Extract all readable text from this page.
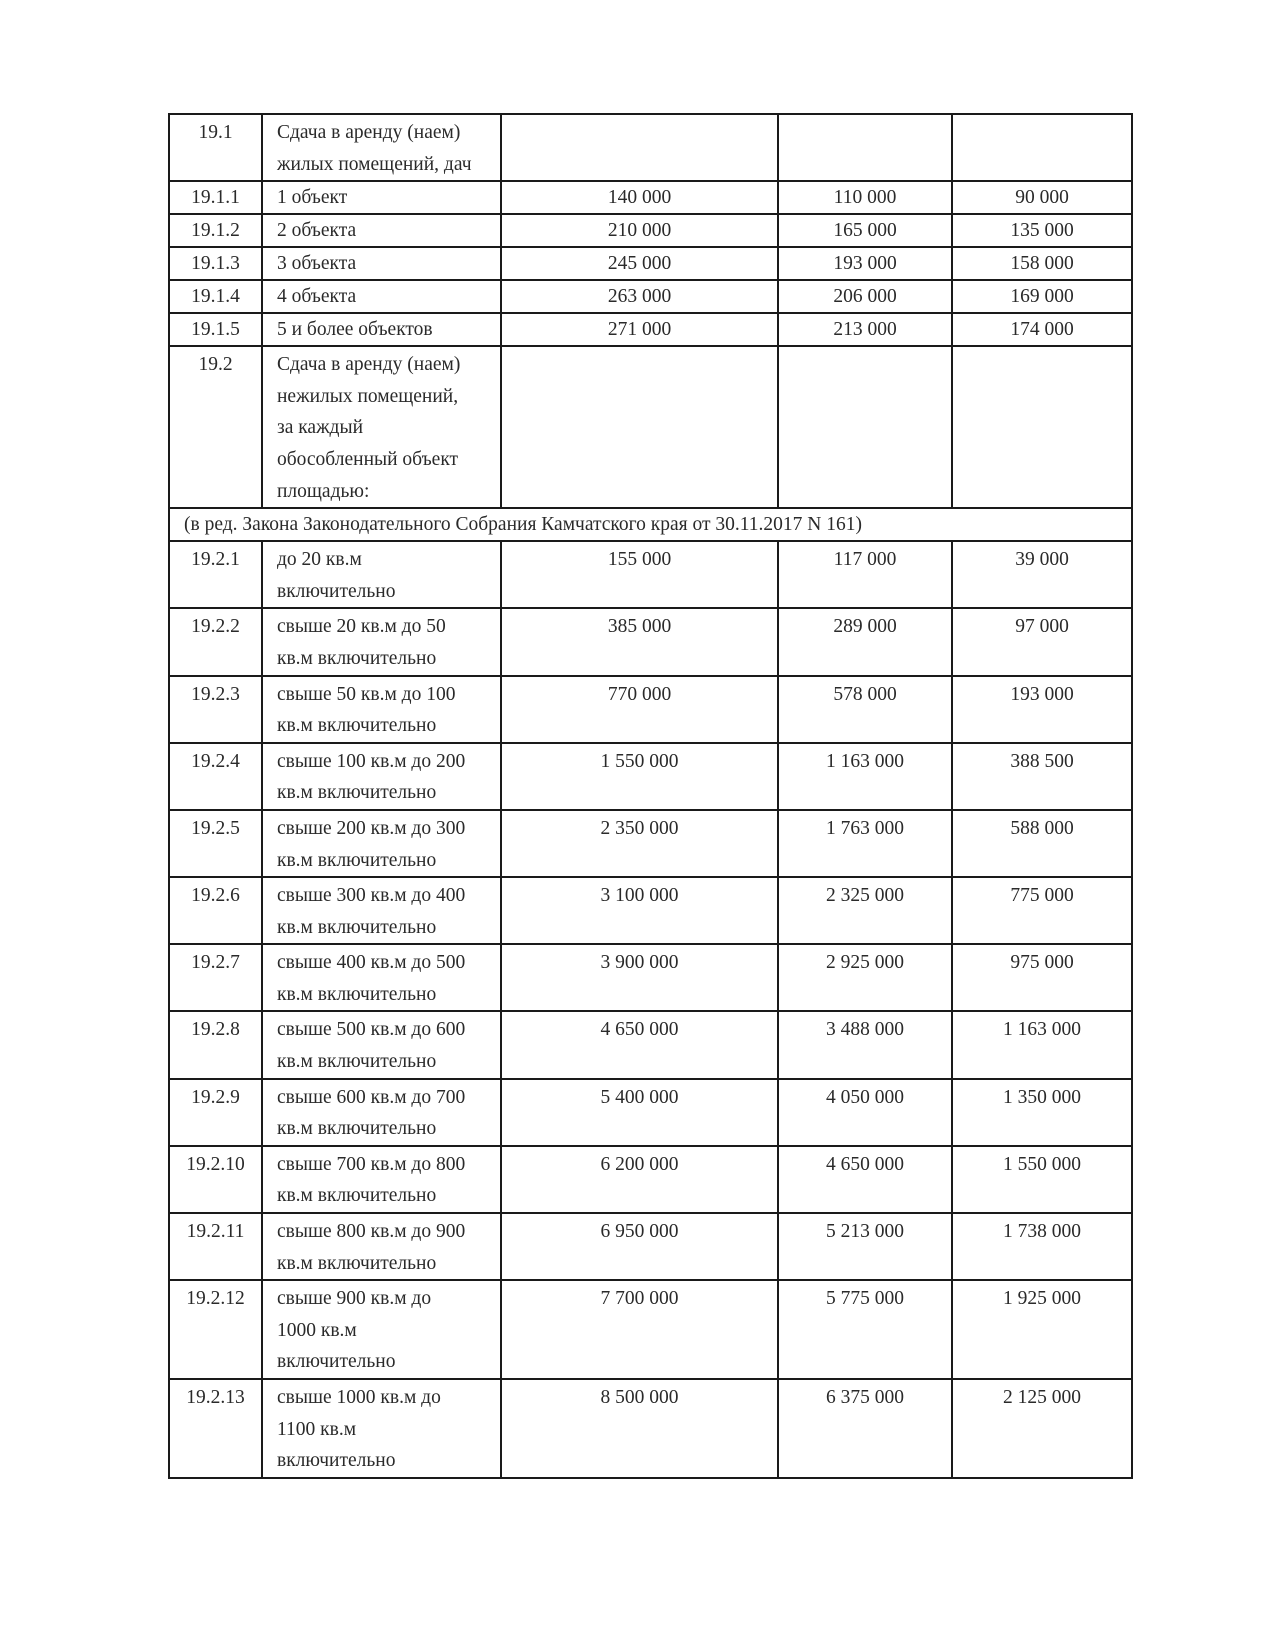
19.1	Сдача в аренду (наем)
жилых помещений, дач			
19.1.1	1 объект	140 000	110 000	90 000
19.1.2	2 объекта	210 000	165 000	135 000
19.1.3	3 объекта	245 000	193 000	158 000
19.1.4	4 объекта	263 000	206 000	169 000
19.1.5	5 и более объектов	271 000	213 000	174 000
19.2	Сдача в аренду (наем)
нежилых помещений,
за каждый
обособленный объект
площадью:			
(в ред. Закона Законодательного Собрания Камчатского края от 30.11.2017 N 161)				
19.2.1	до 20 кв.м
включительно	155 000	117 000	39 000
19.2.2	свыше 20 кв.м до 50
кв.м включительно	385 000	289 000	97 000
19.2.3	свыше 50 кв.м до 100
кв.м включительно	770 000	578 000	193 000
19.2.4	свыше 100 кв.м до 200
кв.м включительно	1 550 000	1 163 000	388 500
19.2.5	свыше 200 кв.м до 300
кв.м включительно	2 350 000	1 763 000	588 000
19.2.6	свыше 300 кв.м до 400
кв.м включительно	3 100 000	2 325 000	775 000
19.2.7	свыше 400 кв.м до 500
кв.м включительно	3 900 000	2 925 000	975 000
19.2.8	свыше 500 кв.м до 600
кв.м включительно	4 650 000	3 488 000	1 163 000
19.2.9	свыше 600 кв.м до 700
кв.м включительно	5 400 000	4 050 000	1 350 000
19.2.10	свыше 700 кв.м до 800
кв.м включительно	6 200 000	4 650 000	1 550 000
19.2.11	свыше 800 кв.м до 900
кв.м включительно	6 950 000	5 213 000	1 738 000
19.2.12	свыше 900 кв.м до
1000 кв.м
включительно	7 700 000	5 775 000	1 925 000
19.2.13	свыше 1000 кв.м до
1100 кв.м
включительно	8 500 000	6 375 000	2 125 000
